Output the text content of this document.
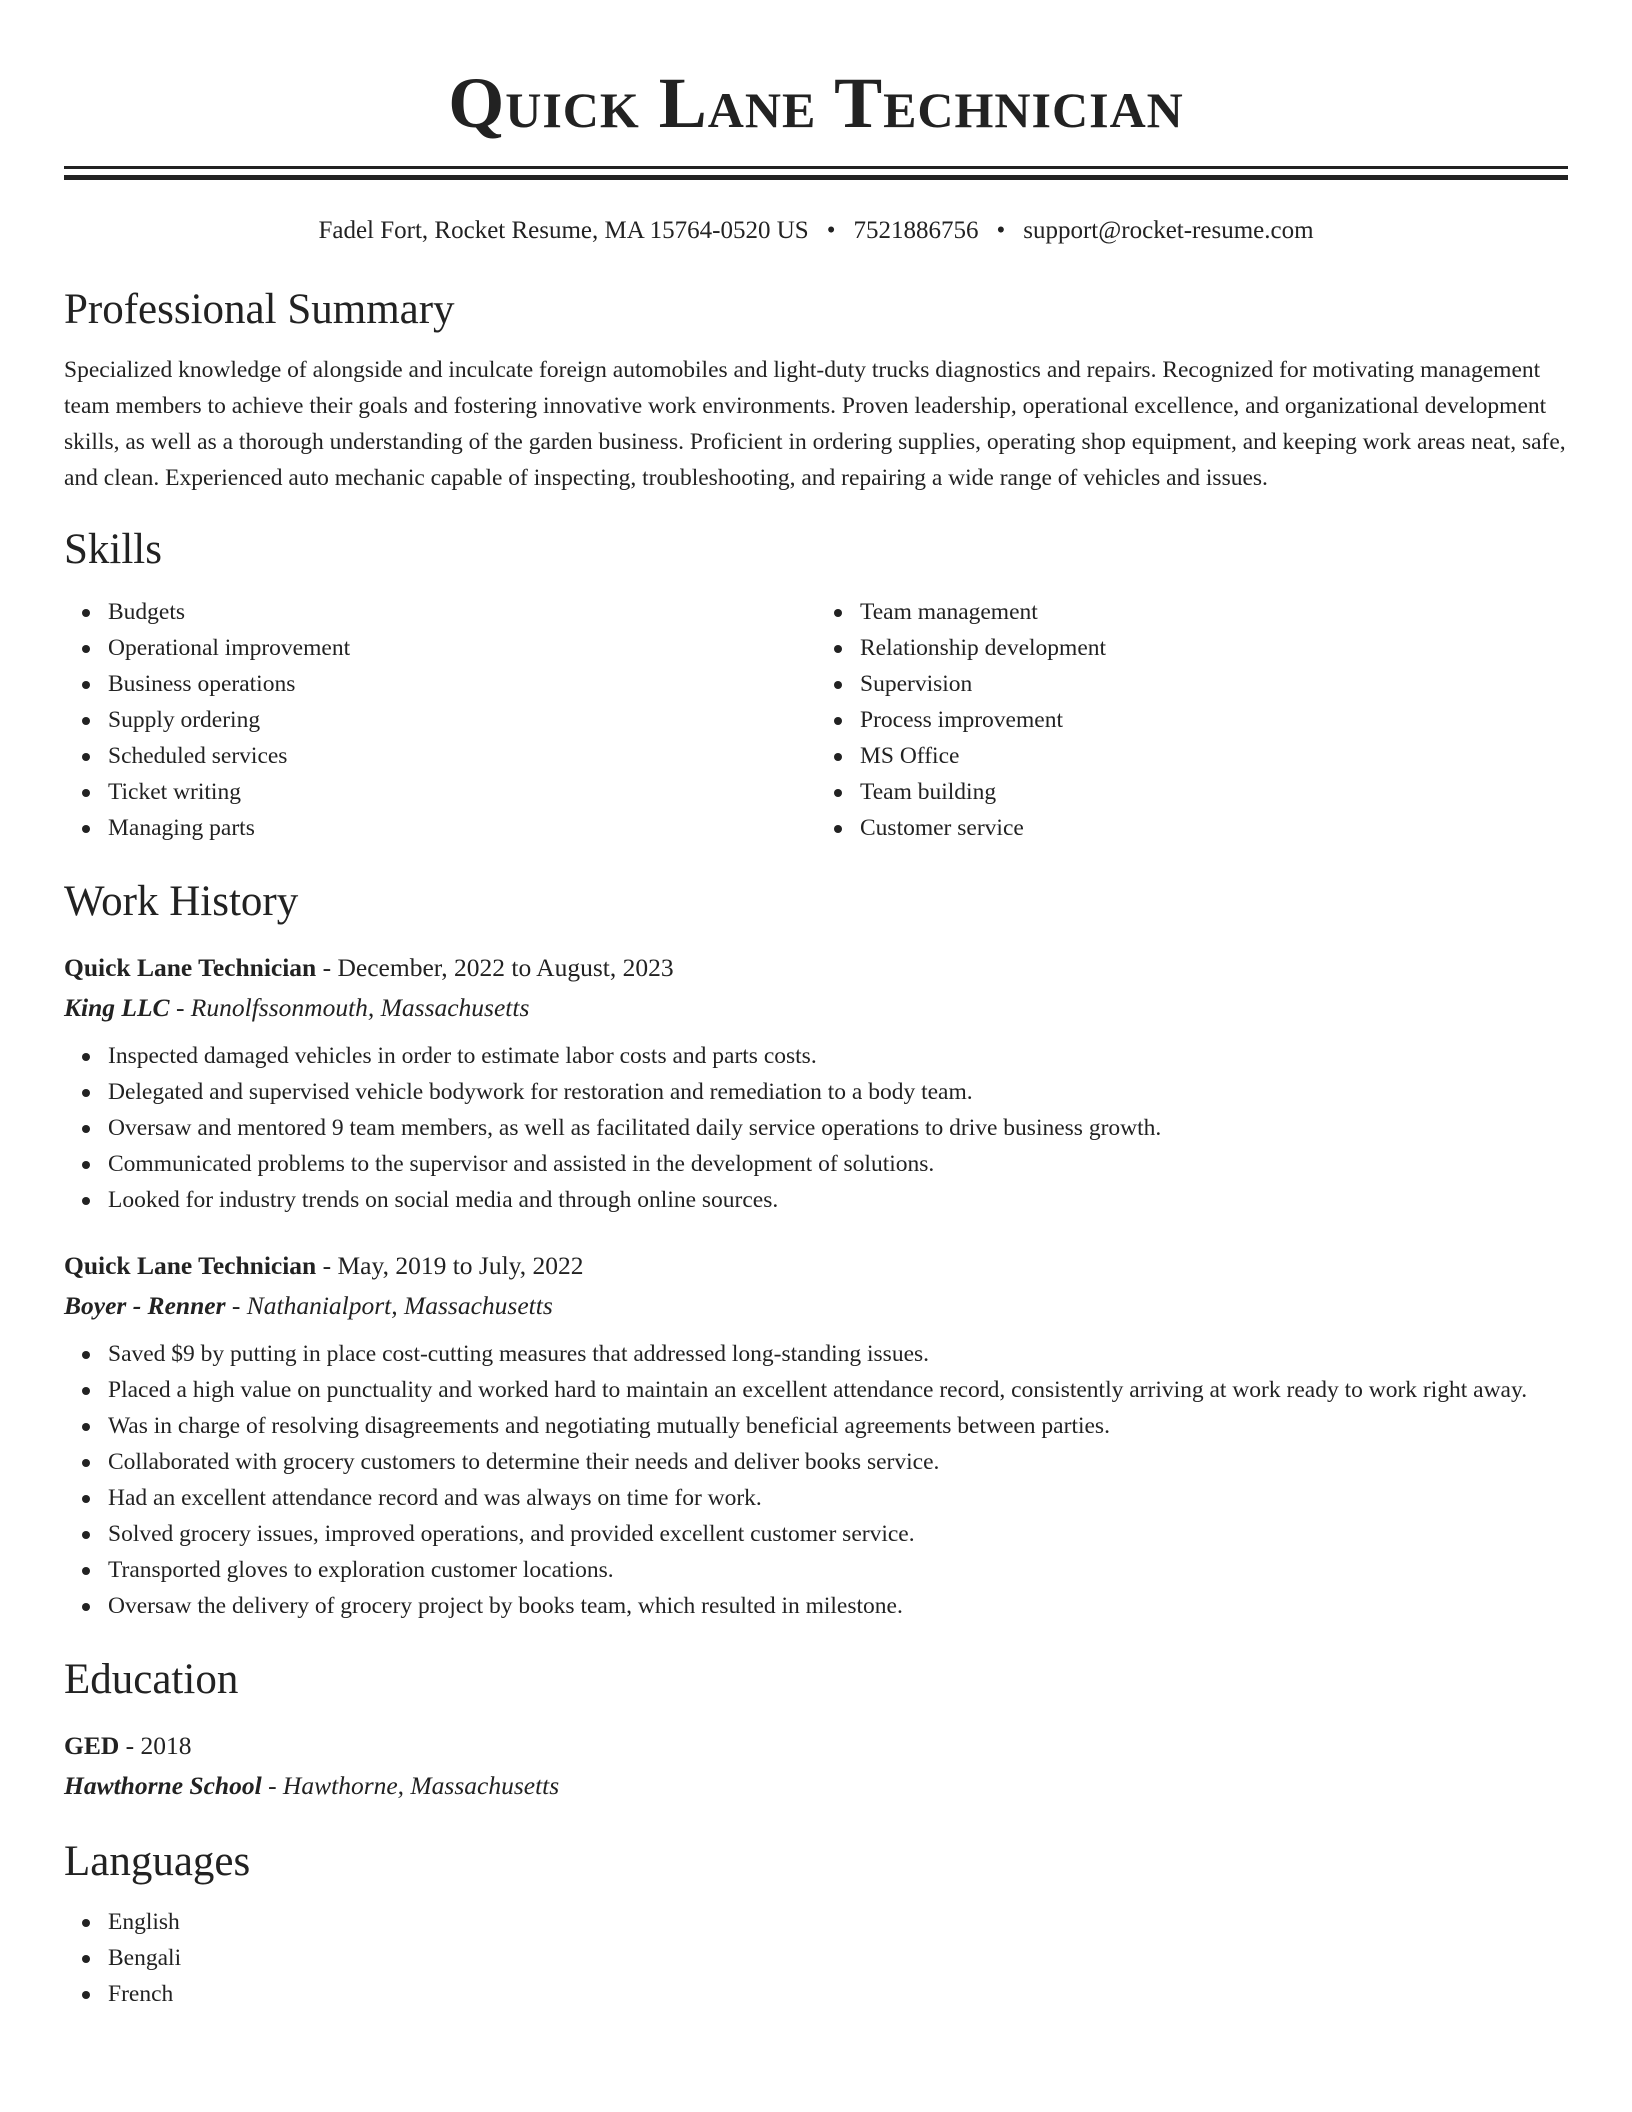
Quick Lane Technician
Fadel Fort, Rocket Resume, MA 15764-0520 US • 7521886756 • support@rocket-resume.com
Professional Summary

Specialized knowledge of alongside and inculcate foreign automobiles and light-duty trucks diagnostics and repairs. Recognized for motivating management team members to achieve their goals and fostering innovative work environments. Proven leadership, operational excellence, and organizational development skills, as well as a thorough understanding of the garden business. Proficient in ordering supplies, operating shop equipment, and keeping work areas neat, safe, and clean. Experienced auto mechanic capable of inspecting, troubleshooting, and repairing a wide range of vehicles and issues.

Skills
Budgets
Operational improvement
Business operations
Supply ordering
Scheduled services
Ticket writing
Managing parts
Team management
Relationship development
Supervision
Process improvement
MS Office
Team building
Customer service
Work History
Quick Lane Technician - December, 2022 to August, 2023
King LLC - Runolfssonmouth, Massachusetts
Inspected damaged vehicles in order to estimate labor costs and parts costs.
Delegated and supervised vehicle bodywork for restoration and remediation to a body team.
Oversaw and mentored 9 team members, as well as facilitated daily service operations to drive business growth.
Communicated problems to the supervisor and assisted in the development of solutions.
Looked for industry trends on social media and through online sources.
Quick Lane Technician - May, 2019 to July, 2022
Boyer - Renner - Nathanialport, Massachusetts
Saved $9 by putting in place cost-cutting measures that addressed long-standing issues.
Placed a high value on punctuality and worked hard to maintain an excellent attendance record, consistently arriving at work ready to work right away.
Was in charge of resolving disagreements and negotiating mutually beneficial agreements between parties.
Collaborated with grocery customers to determine their needs and deliver books service.
Had an excellent attendance record and was always on time for work.
Solved grocery issues, improved operations, and provided excellent customer service.
Transported gloves to exploration customer locations.
Oversaw the delivery of grocery project by books team, which resulted in milestone.
Education
GED - 2018
Hawthorne School - Hawthorne, Massachusetts
Languages
English
Bengali
French
